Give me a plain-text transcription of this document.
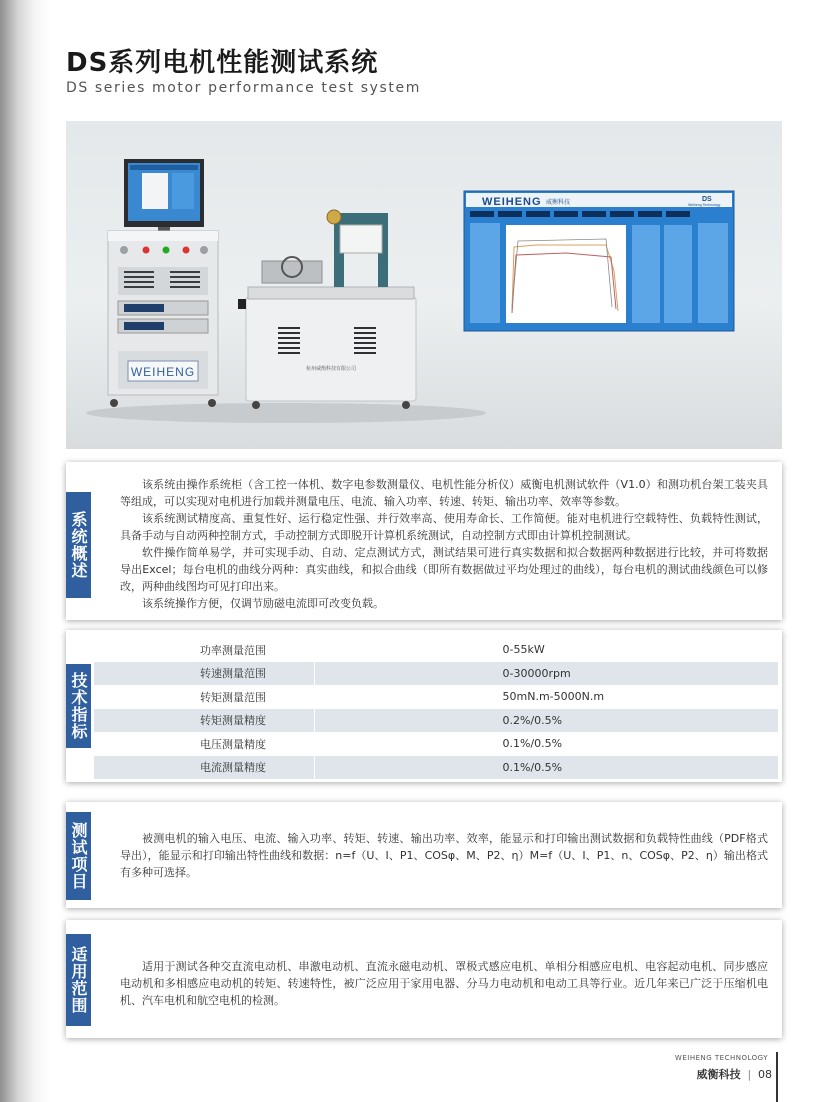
DS系列电机性能测试系统
DS series motor performance test system
WEIHENG	杭州威衡科技有限公司
WEIHENG 威衡科技	DS
Weiheng Technology
系统概述

该系统由操作系统柜（含工控一体机、数字电参数测量仪、电机性能分析仪）威衡电机测试软件（V1.0）和测功机台架工装夹具等组成，可以实现对电机进行加载并测量电压、电流、输入功率、转速、转矩、输出功率、效率等参数。

该系统测试精度高、重复性好、运行稳定性强、并行效率高、使用寿命长、工作简便。能对电机进行空载特性、负载特性测试，具备手动与自动两种控制方式，手动控制方式即脱开计算机系统测试，自动控制方式即由计算机控制测试。

软件操作简单易学，并可实现手动、自动、定点测试方式，测试结果可进行真实数据和拟合数据两种数据进行比较，并可将数据导出Excel；每台电机的曲线分两种：真实曲线，和拟合曲线（即所有数据做过平均处理过的曲线），每台电机的测试曲线颜色可以修改，两种曲线图均可见打印出来。

该系统操作方便，仅调节励磁电流即可改变负载。

技术指标
功率测量范围	0-55kW
转速测量范围	0-30000rpm
转矩测量范围	50mN.m-5000N.m
转矩测量精度	0.2%/0.5%
电压测量精度	0.1%/0.5%
电流测量精度	0.1%/0.5%
测试项目	被测电机的输入电压、电流、输入功率、转矩、转速、输出功率、效率，能显示和打印输出测试数据和负载特性曲线（PDF格式导出），能显示和打印输出特性曲线和数据：n=f（U、I、P1、COSφ、M、P2、η）M=f（U、I、P1、n、COSφ、P2、η）输出格式有多种可选择。

适用范围	适用于测试各种交直流电动机、串激电动机、直流永磁电动机、罩极式感应电机、单相分相感应电机、电容起动电机、同步感应电动机和多相感应电动机的转矩、转速特性，被广泛应用于家用电器、分马力电动机和电动工具等行业。近几年来已广泛于压缩机电机、汽车电机和航空电机的检测。

WEIHENG TECHNOLOGY
威衡科技 | 08
